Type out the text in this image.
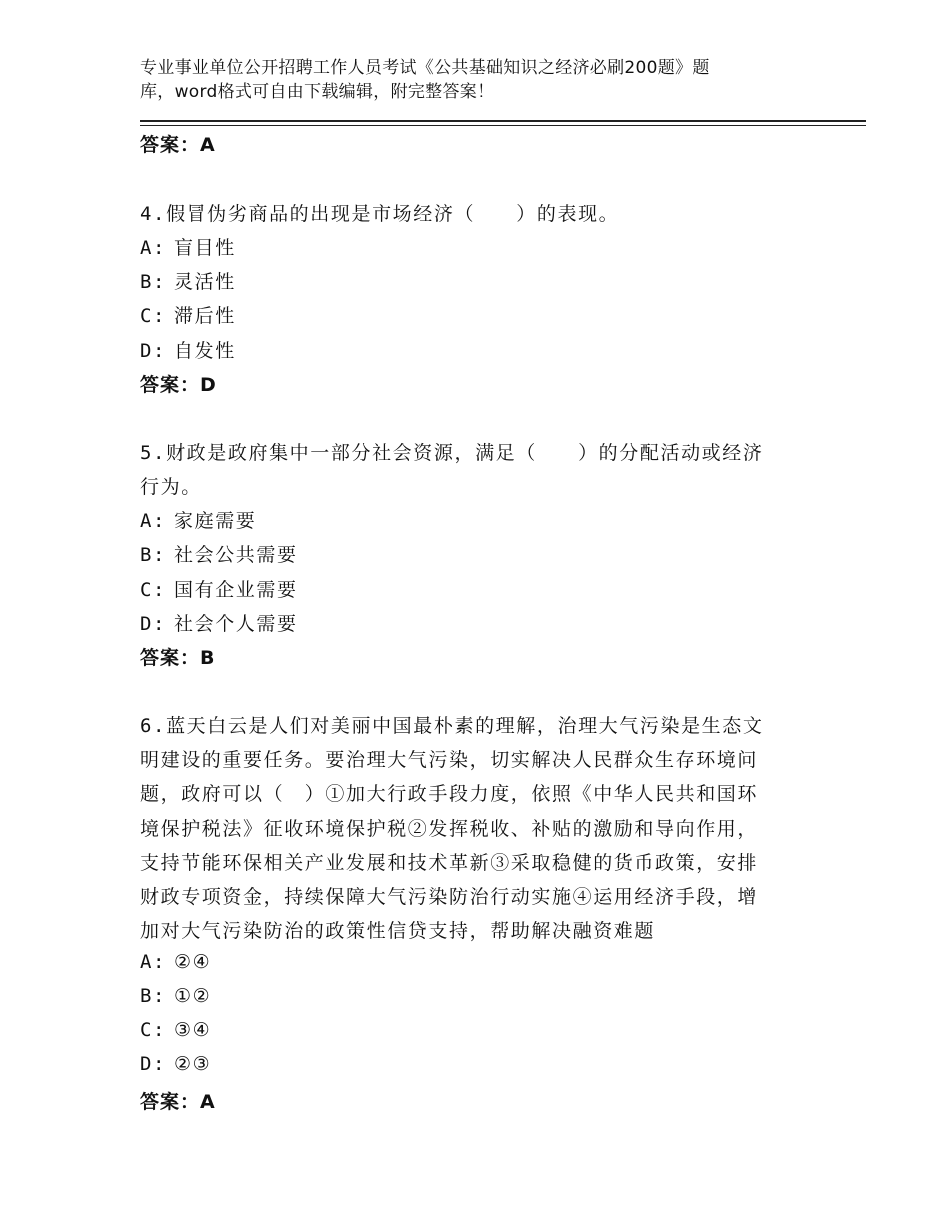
专业事业单位公开招聘工作人员考试《公共基础知识之经济必刷200题》题
库，word格式可自由下载编辑，附完整答案！
答案：A
4.假冒伪劣商品的出现是市场经济（　　）的表现。
A: 盲目性
B: 灵活性
C: 滞后性
D: 自发性
答案：D
5.财政是政府集中一部分社会资源，满足（　　）的分配活动或经济
行为。
A: 家庭需要
B: 社会公共需要
C: 国有企业需要
D: 社会个人需要
答案：B
6.蓝天白云是人们对美丽中国最朴素的理解，治理大气污染是生态文
明建设的重要任务。要治理大气污染，切实解决人民群众生存环境问
题，政府可以（　）①加大行政手段力度，依照《中华人民共和国环
境保护税法》征收环境保护税②发挥税收、补贴的激励和导向作用，
支持节能环保相关产业发展和技术革新③采取稳健的货币政策，安排
财政专项资金，持续保障大气污染防治行动实施④运用经济手段，增
加对大气污染防治的政策性信贷支持，帮助解决融资难题
A: ②④
B: ①②
C: ③④
D: ②③
答案：A
